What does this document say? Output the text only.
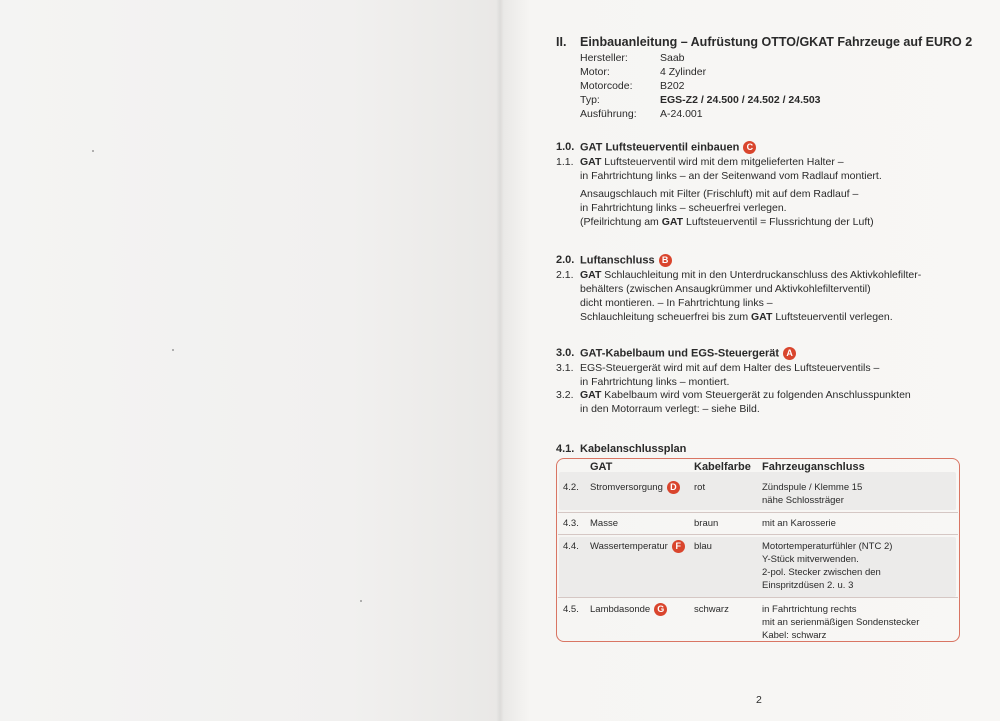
II. Einbauanleitung – Aufrüstung OTTO/GKAT Fahrzeuge auf EURO 2
Hersteller:	Saab
Motor:	4 Zylinder
Motorcode:	B202
Typ:	EGS-Z2 / 24.500 / 24.502 / 24.503
Ausführung: A-24.001
1.0. GAT Luftsteuerventil einbauen C
1.1. GAT Luftsteuerventil wird mit dem mitgelieferten Halter –
in Fahrtrichtung links – an der Seitenwand vom Radlauf montiert.
Ansaugschlauch mit Filter (Frischluft) mit auf dem Radlauf –
in Fahrtrichtung links – scheuerfrei verlegen.
(Pfeilrichtung am GAT Luftsteuerventil = Flussrichtung der Luft)
2.0. Luftanschluss B
2.1. GAT Schlauchleitung mit in den Unterdruckanschluss des Aktivkohlefilter-
behälters (zwischen Ansaugkrümmer und Aktivkohlefilterventil)
dicht montieren. – In Fahrtrichtung links –
Schlauchleitung scheuerfrei bis zum GAT Luftsteuerventil verlegen.
3.0. GAT-Kabelbaum und EGS-Steuergerät A
3.1. EGS-Steuergerät wird mit auf dem Halter des Luftsteuerventils –
in Fahrtrichtung links – montiert.
3.2. GAT Kabelbaum wird vom Steuergerät zu folgenden Anschlusspunkten
in den Motorraum verlegt: – siehe Bild.
4.1. Kabelanschlussplan
GAT	Kabelfarbe Fahrzeuganschluss
4.2. Stromversorgung D	rot	Zündspule / Klemme 15
nähe Schlossträger
4.3. Masse	braun	mit an Karosserie
4.4. Wassertemperatur F	blau	Motortemperaturfühler (NTC 2)
Y-Stück mitverwenden.
2-pol. Stecker zwischen den
Einspritzdüsen 2. u. 3
4.5. Lambdasonde G	schwarz	in Fahrtrichtung rechts
mit an serienmäßigen Sondenstecker
Kabel: schwarz
2
